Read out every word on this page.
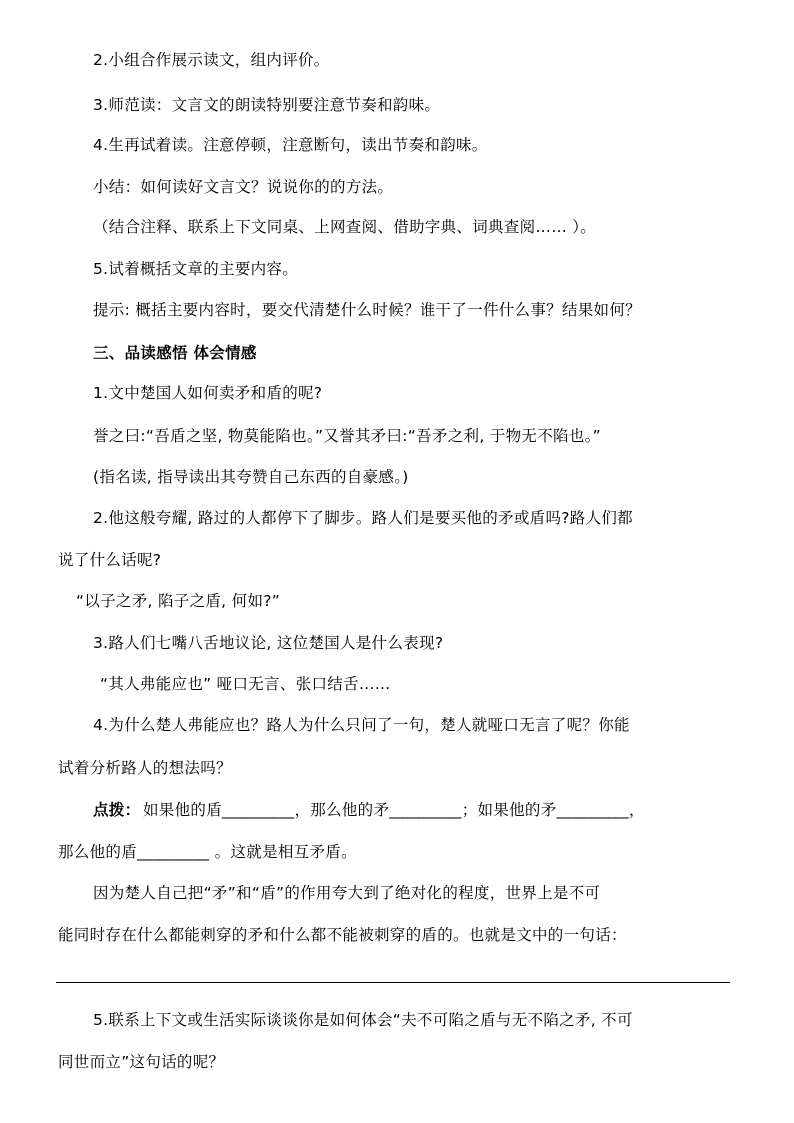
2.小组合作展示读文，组内评价。
3.师范读：文言文的朗读特别要注意节奏和韵味。
4.生再试着读。注意停顿，注意断句，读出节奏和韵味。
小结：如何读好文言文？说说你的的方法。
（结合注释、联系上下文同桌、上网查阅、借助字典、词典查阅…… ）。
5.试着概括文章的主要内容。
提示: 概括主要内容时，要交代清楚什么时候？谁干了一件什么事？结果如何？
三、品读感悟 体会情感
1.文中楚国人如何卖矛和盾的呢?
誉之曰:“吾盾之坚, 物莫能陷也。”又誉其矛曰:“吾矛之利, 于物无不陷也。”
(指名读, 指导读出其夸赞自己东西的自豪感。)
2.他这般夸耀, 路过的人都停下了脚步。路人们是要买他的矛或盾吗?路人们都
说了什么话呢?
“以子之矛, 陷子之盾, 何如?”
3.路人们七嘴八舌地议论, 这位楚国人是什么表现?
“其人弗能应也” 哑口无言、张口结舌……
4.为什么楚人弗能应也？路人为什么只问了一句，楚人就哑口无言了呢？你能
试着分析路人的想法吗？
点拨： 如果他的盾_________，那么他的矛_________；如果他的矛_________，
那么他的盾_________ 。这就是相互矛盾。
因为楚人自己把“矛”和“盾”的作用夸大到了绝对化的程度，世界上是不可
能同时存在什么都能刺穿的矛和什么都不能被刺穿的盾的。也就是文中的一句话：
5.联系上下文或生活实际谈谈你是如何体会“夫不可陷之盾与无不陷之矛, 不可
同世而立”这句话的呢？
